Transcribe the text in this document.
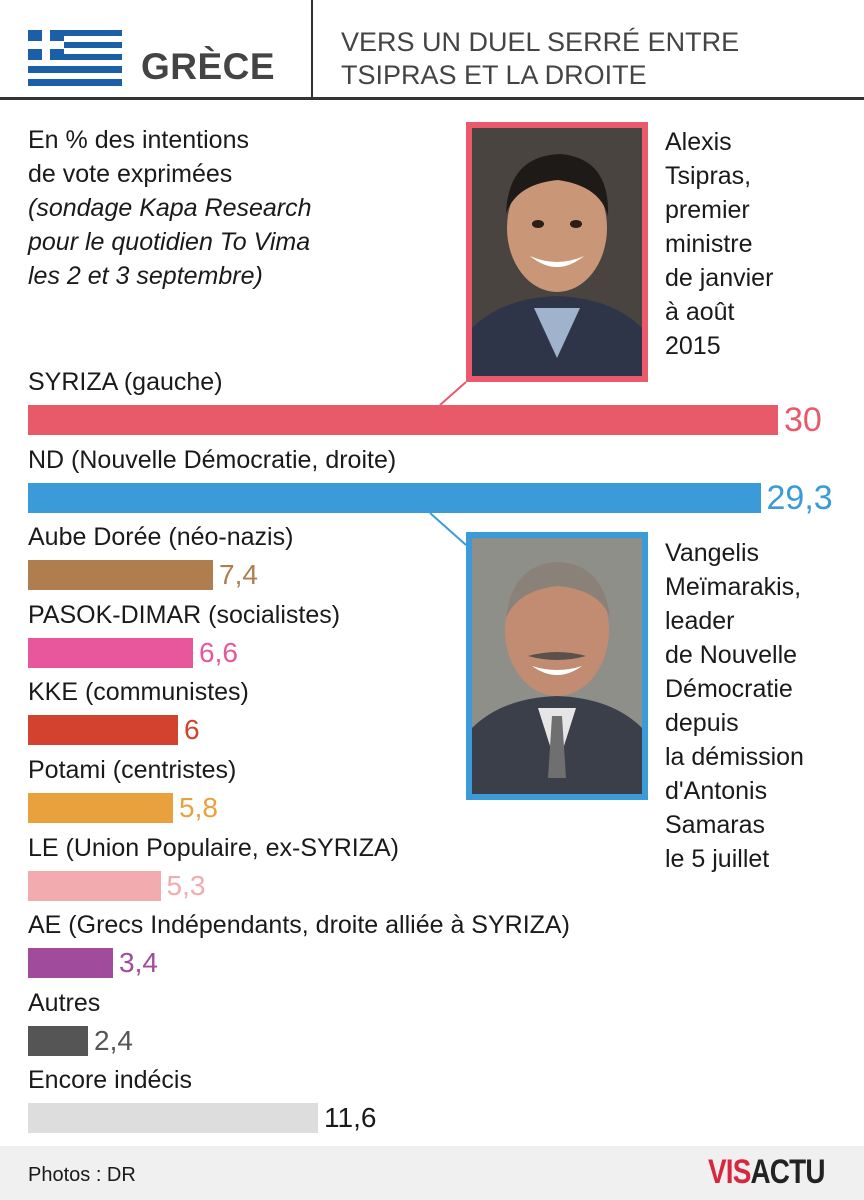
GRÈCE
VERS UN DUEL SERRÉ ENTRE
TSIPRAS ET LA DROITE
En % des intentions
de vote exprimées
(sondage Kapa Research
pour le quotidien To Vima
les 2 et 3 septembre)
Alexis
Tsipras,
premier
ministre
de janvier
à août
2015
Vangelis
Meïmarakis,
leader
de Nouvelle
Démocratie
depuis
la démission
d'Antonis
Samaras
le 5 juillet
SYRIZA (gauche)
30
ND (Nouvelle Démocratie, droite)
29,3
Aube Dorée (néo-nazis)
7,4
PASOK-DIMAR (socialistes)
6,6
KKE (communistes)
6
Potami (centristes)
5,8
LE (Union Populaire, ex-SYRIZA)
5,3
AE (Grecs Indépendants, droite alliée à SYRIZA)
3,4
Autres
2,4
Encore indécis
11,6
Photos : DR	VISACTU
